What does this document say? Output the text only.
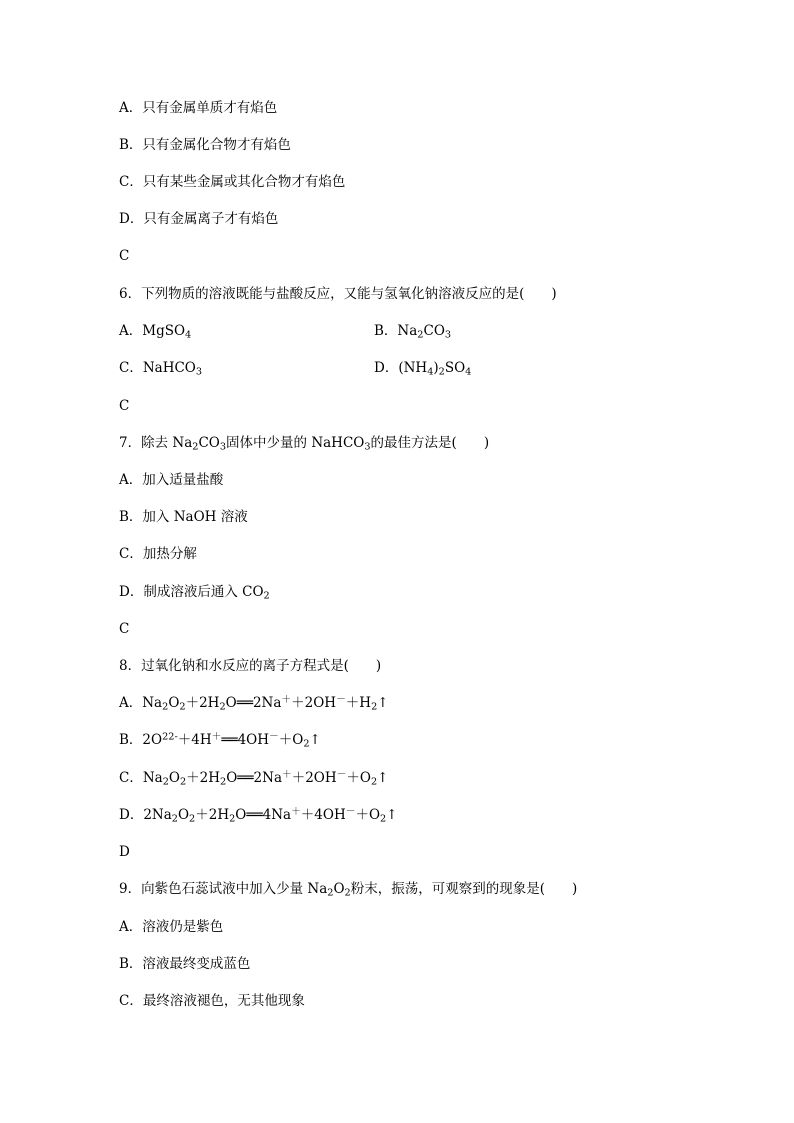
A．只有金属单质才有焰色
B．只有金属化合物才有焰色
C．只有某些金属或其化合物才有焰色
D．只有金属离子才有焰色
C
6．下列物质的溶液既能与盐酸反应，又能与氢氧化钠溶液反应的是(　　)
A．MgSO$_4$	B．$Na_2CO_3$
C．NaHCO$_3$	D．$(NH_4)_2SO_4$
C
7．除去 $Na_2CO_3$固体中少量的 NaHCO$_3$的最佳方法是(　　)
A．加入适量盐酸
B．加入 NaOH 溶液
C．加热分解
D．制成溶液后通入 $CO_2$
C
8．过氧化钠和水反应的离子方程式是(　　)
A．$Na_2O_2+2H_2O══2Na^++2OH^-+H_2↑$
B．$2O^{22-}+4H^+══4OH^-+O_2↑$
C．$Na_2O_2+2H_2O══2Na^++2OH^-+O_2↑$
D．$2Na_2O_2+2H_2O══4Na^++4OH^-+O_2↑$
D
9．向紫色石蕊试液中加入少量 $Na_2O_2$粉末，振荡，可观察到的现象是(　　)
A．溶液仍是紫色
B．溶液最终变成蓝色
C．最终溶液褪色，无其他现象
